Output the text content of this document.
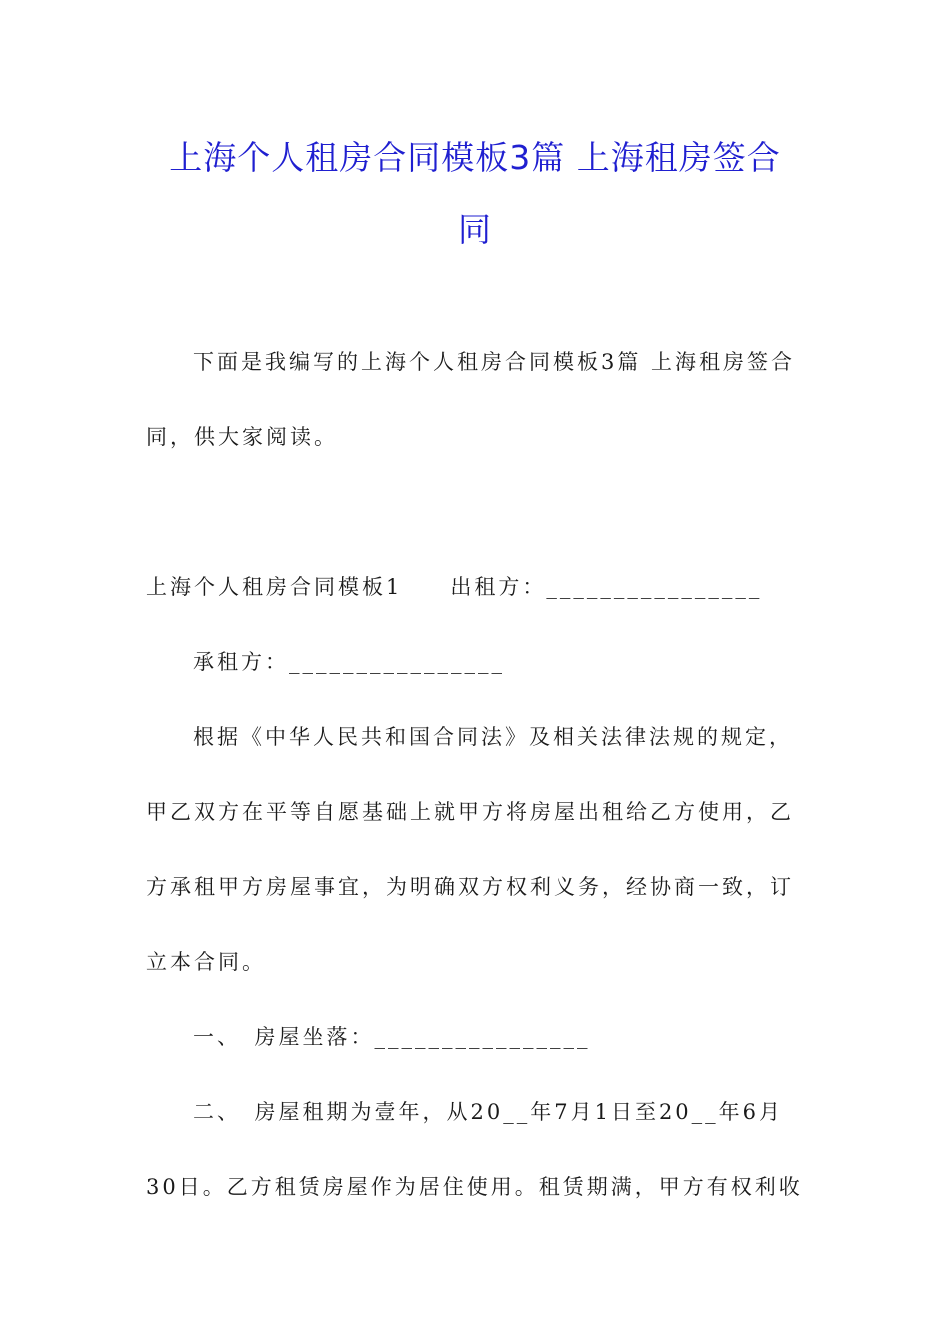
上海个人租房合同模板3篇 上海租房签合
同
下面是我编写的上海个人租房合同模板3篇 上海租房签合
同，供大家阅读。
上海个人租房合同模板1　　出租方：________________
承租方：________________
根据《中华人民共和国合同法》及相关法律法规的规定，
甲乙双方在平等自愿基础上就甲方将房屋出租给乙方使用，乙
方承租甲方房屋事宜，为明确双方权利义务，经协商一致，订
立本合同。
一、　房屋坐落：________________
二、　房屋租期为壹年，从20__年7月1日至20__年6月
30日。乙方租赁房屋作为居住使用。租赁期满，甲方有权利收
